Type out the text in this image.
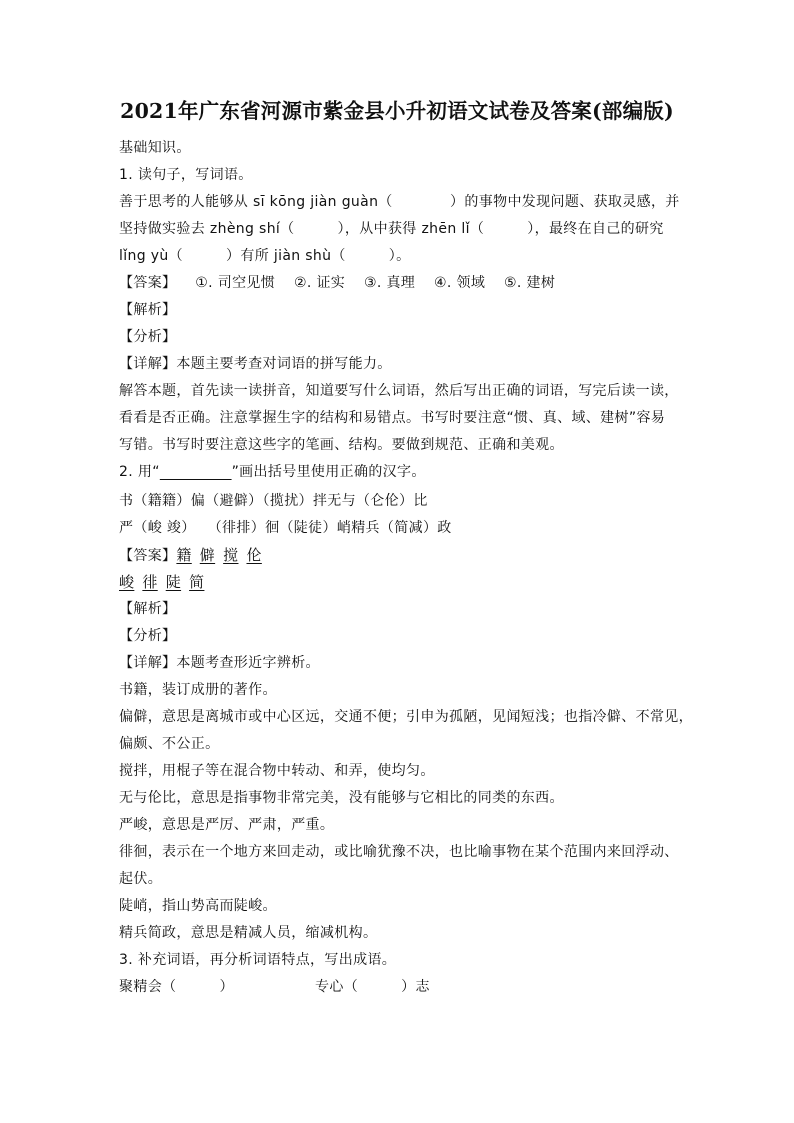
2021年广东省河源市紫金县小升初语文试卷及答案(部编版)
基础知识。
1. 读句子，写词语。
善于思考的人能够从 sī kōng jiàn guàn（　　　　）的事物中发现问题、获取灵感，并
坚持做实验去 zhèng shí（　　　），从中获得 zhēn lǐ（　　　），最终在自己的研究
lǐng yù（　　　）有所 jiàn shù（　　　）。
【答案】 ①. 司空见惯 ②. 证实 ③. 真理 ④. 领域 ⑤. 建树
【解析】
【分析】
【详解】本题主要考查对词语的拼写能力。
解答本题，首先读一读拼音，知道要写什么词语，然后写出正确的词语，写完后读一读，
看看是否正确。注意掌握生字的结构和易错点。书写时要注意“惯、真、域、建树”容易
写错。书写时要注意这些字的笔画、结构。要做到规范、正确和美观。
2. 用“　　　　　	”画出括号里使用正确的汉字。
书（籍籍）偏（避僻）（揽扰）拌无与（仑伦）比
严（峻 竣）　 （徘排）徊（陡徒）峭精兵（简减）政
【答案】籍 僻 搅 伦
峻 徘 陡 简
【解析】
【分析】
【详解】本题考查形近字辨析。
书籍，装订成册的著作。
偏僻，意思是离城市或中心区远，交通不便；引申为孤陋，见闻短浅；也指冷僻、不常见，
偏颇、不公正。
搅拌，用棍子等在混合物中转动、和弄，使均匀。
无与伦比，意思是指事物非常完美，没有能够与它相比的同类的东西。
严峻，意思是严厉、严肃，严重。
徘徊，表示在一个地方来回走动，或比喻犹豫不决，也比喻事物在某个范围内来回浮动、
起伏。
陡峭，指山势高而陡峻。
精兵简政，意思是精减人员，缩减机构。
3. 补充词语，再分析词语特点，写出成语。
聚精会（　　　）	专心（　　　）志
